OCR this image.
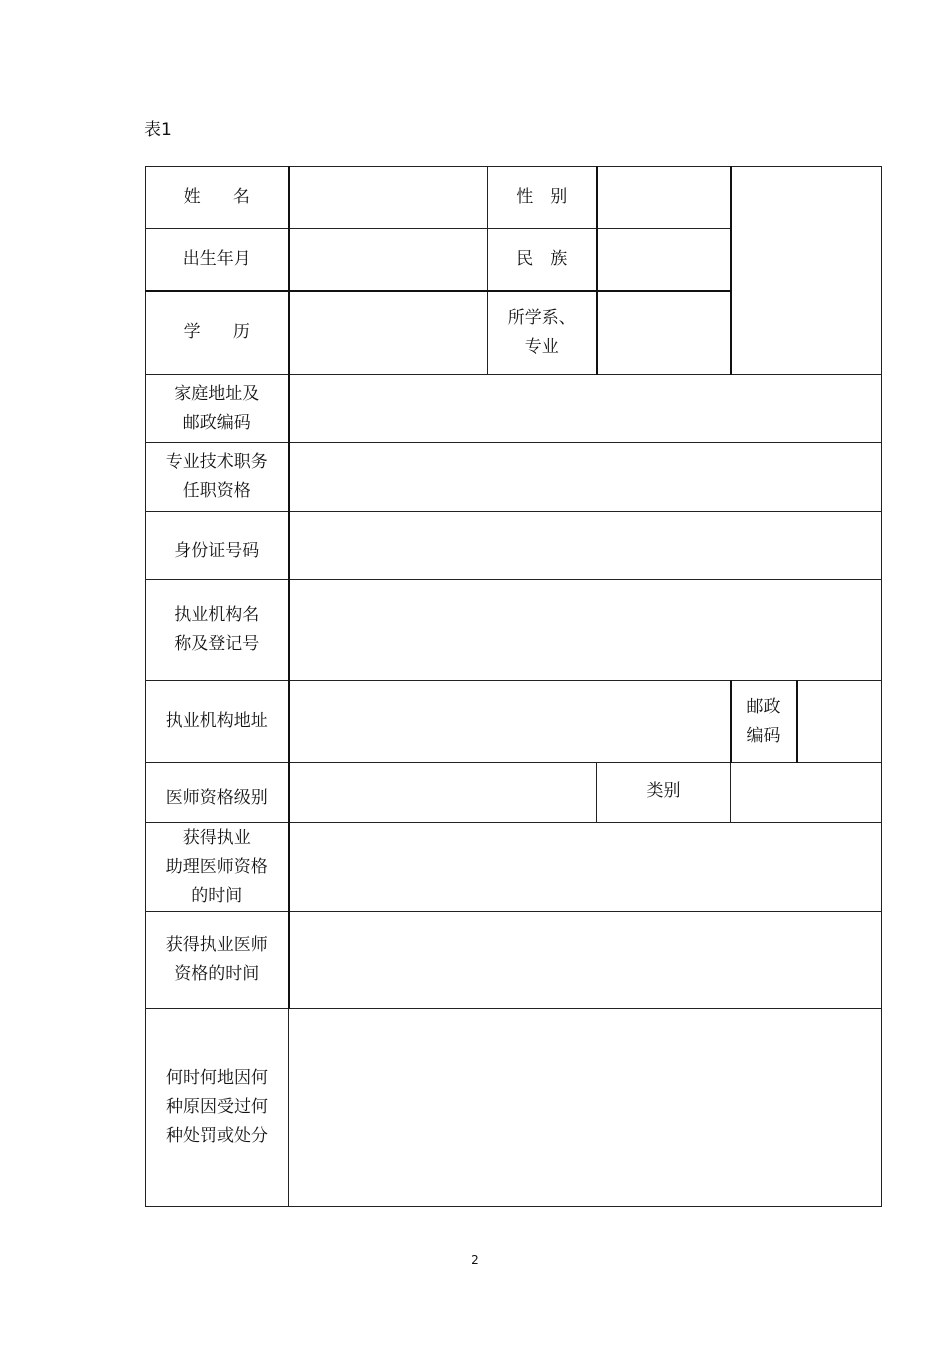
表1
姓 名		性 别			
出生年月		民 族			
学 历		所学系、
专业			

家庭地址及
邮政编码					

专业技术职务
任职资格					

身份证号码					

执业机构名
称及登记号					

执业机构地址				邮政
编码	

医师资格级别			类别		

获得执业
助理医师资格
的时间					

获得执业医师
资格的时间					

何时何地因何
种原因受过何
种处罚或处分					

2
